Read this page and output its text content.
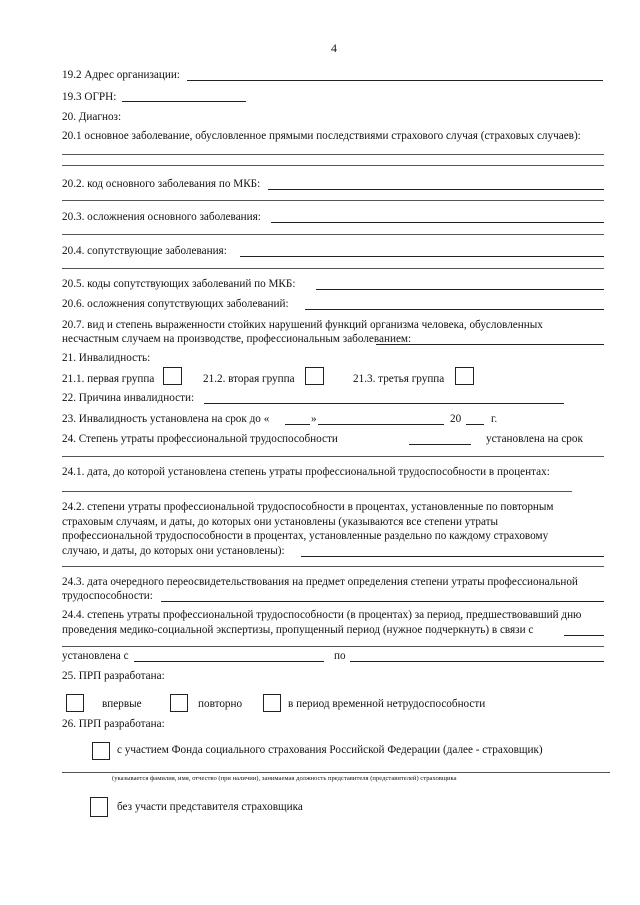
4
19.2 Адрес организации:
19.3 ОГРН:
20. Диагноз:
20.1 основное заболевание, обусловленное прямыми последствиями страхового случая (страховых случаев):
20.2. код основного заболевания по МКБ:
20.3. осложнения основного заболевания:
20.4. сопутствующие заболевания:
20.5. коды сопутствующих заболеваний по МКБ:
20.6. осложнения сопутствующих заболеваний:
20.7. вид и степень выраженности стойких нарушений функций организма человека, обусловленных
несчастным случаем на производстве, профессиональным заболеванием:
21. Инвалидность:
21.1. первая группа	21.2. вторая группа	21.3. третья группа
22. Причина инвалидности:
23. Инвалидность установлена на срок до «	»	20	г.
24. Степень утраты профессиональной трудоспособности	установлена на срок
24.1. дата, до которой установлена степень утраты профессиональной трудоспособности в процентах:
24.2. степени утраты профессиональной трудоспособности в процентах, установленные по повторным
страховым случаям, и даты, до которых они установлены (указываются все степени утраты
профессиональной трудоспособности в процентах, установленные раздельно по каждому страховому
случаю, и даты, до которых они установлены):
24.3. дата очередного переосвидетельствования на предмет определения степени утраты профессиональной
трудоспособности:
24.4. степень утраты профессиональной трудоспособности (в процентах) за период, предшествовавший дню
проведения медико-социальной экспертизы, пропущенный период (нужное подчеркнуть) в связи с
установлена с	по
25. ПРП разработана:
впервые	повторно	в период временной нетрудоспособности
26. ПРП разработана:
с участием Фонда социального страхования Российской Федерации (далее - страховщик)
(указывается фамилия, имя, отчество (при наличии), занимаемая должность представителя (представителей) страховщика
без участи представителя страховщика
